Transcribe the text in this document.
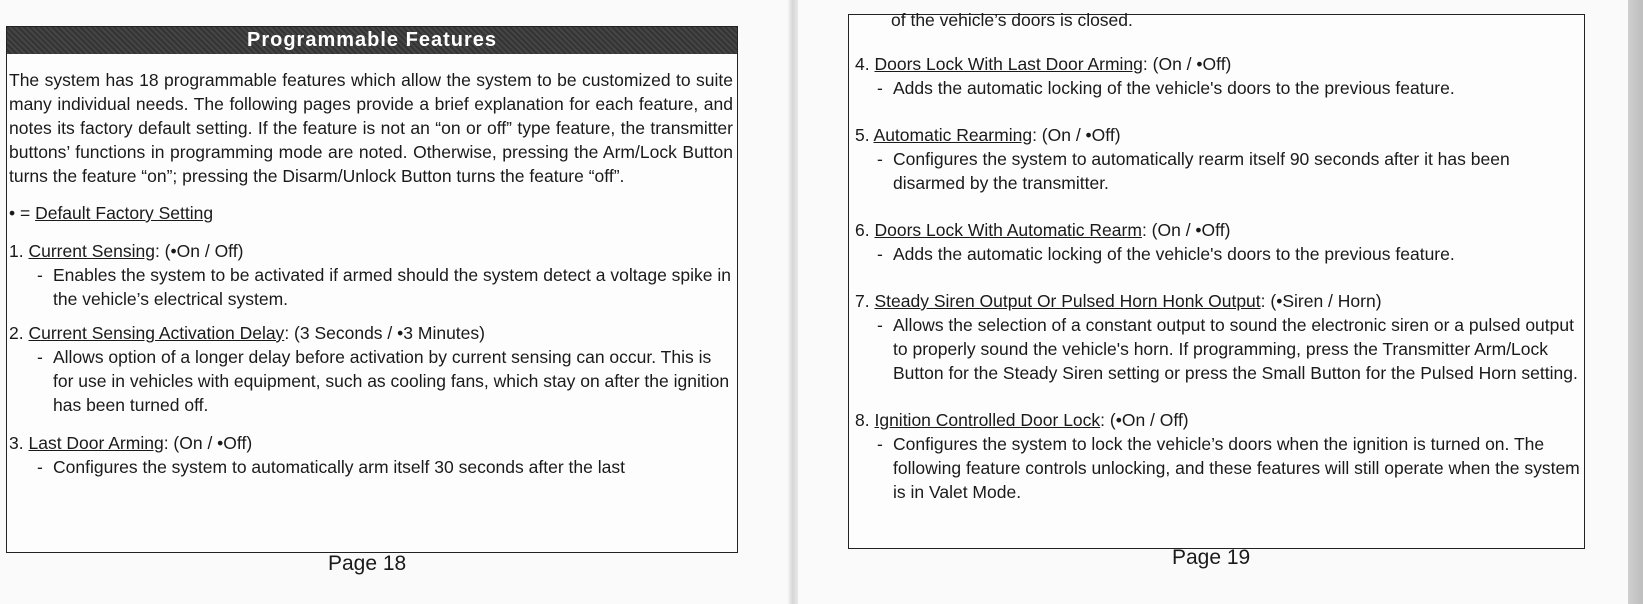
Programmable Features

The system has 18 programmable features which allow the system to be customized to suite many individual needs. The following pages provide a brief explanation for each feature, and notes its factory default setting. If the feature is not an “on or off” type feature, the transmitter buttons’ functions in programming mode are noted. Otherwise, pressing the Arm/Lock Button turns the feature “on”; pressing the Disarm/Unlock Button turns the feature “off”.

• = Default Factory Setting
1. Current Sensing: (•On / Off)
- Enables the system to be activated if armed should the system detect a voltage spike in the vehicle’s electrical system.
2. Current Sensing Activation Delay: (3 Seconds / •3 Minutes)
- Allows option of a longer delay before activation by current sensing can occur. This is for use in vehicles with equipment, such as cooling fans, which stay on after the ignition has been turned off.
3. Last Door Arming: (On / •Off)
- Configures the system to automatically arm itself 30 seconds after the last
Page 18
of the vehicle’s doors is closed.
4. Doors Lock With Last Door Arming: (On / •Off)
- Adds the automatic locking of the vehicle's doors to the previous feature.
5. Automatic Rearming: (On / •Off)
- Configures the system to automatically rearm itself 90 seconds after it has been disarmed by the transmitter.
6. Doors Lock With Automatic Rearm: (On / •Off)
- Adds the automatic locking of the vehicle's doors to the previous feature.
7. Steady Siren Output Or Pulsed Horn Honk Output: (•Siren / Horn)
- Allows the selection of a constant output to sound the electronic siren or a pulsed output to properly sound the vehicle's horn. If programming, press the Transmitter Arm/Lock Button for the Steady Siren setting or press the Small Button for the Pulsed Horn setting.
8. Ignition Controlled Door Lock: (•On / Off)
- Configures the system to lock the vehicle’s doors when the ignition is turned on. The following feature controls unlocking, and these features will still operate when the system is in Valet Mode.
Page 19
